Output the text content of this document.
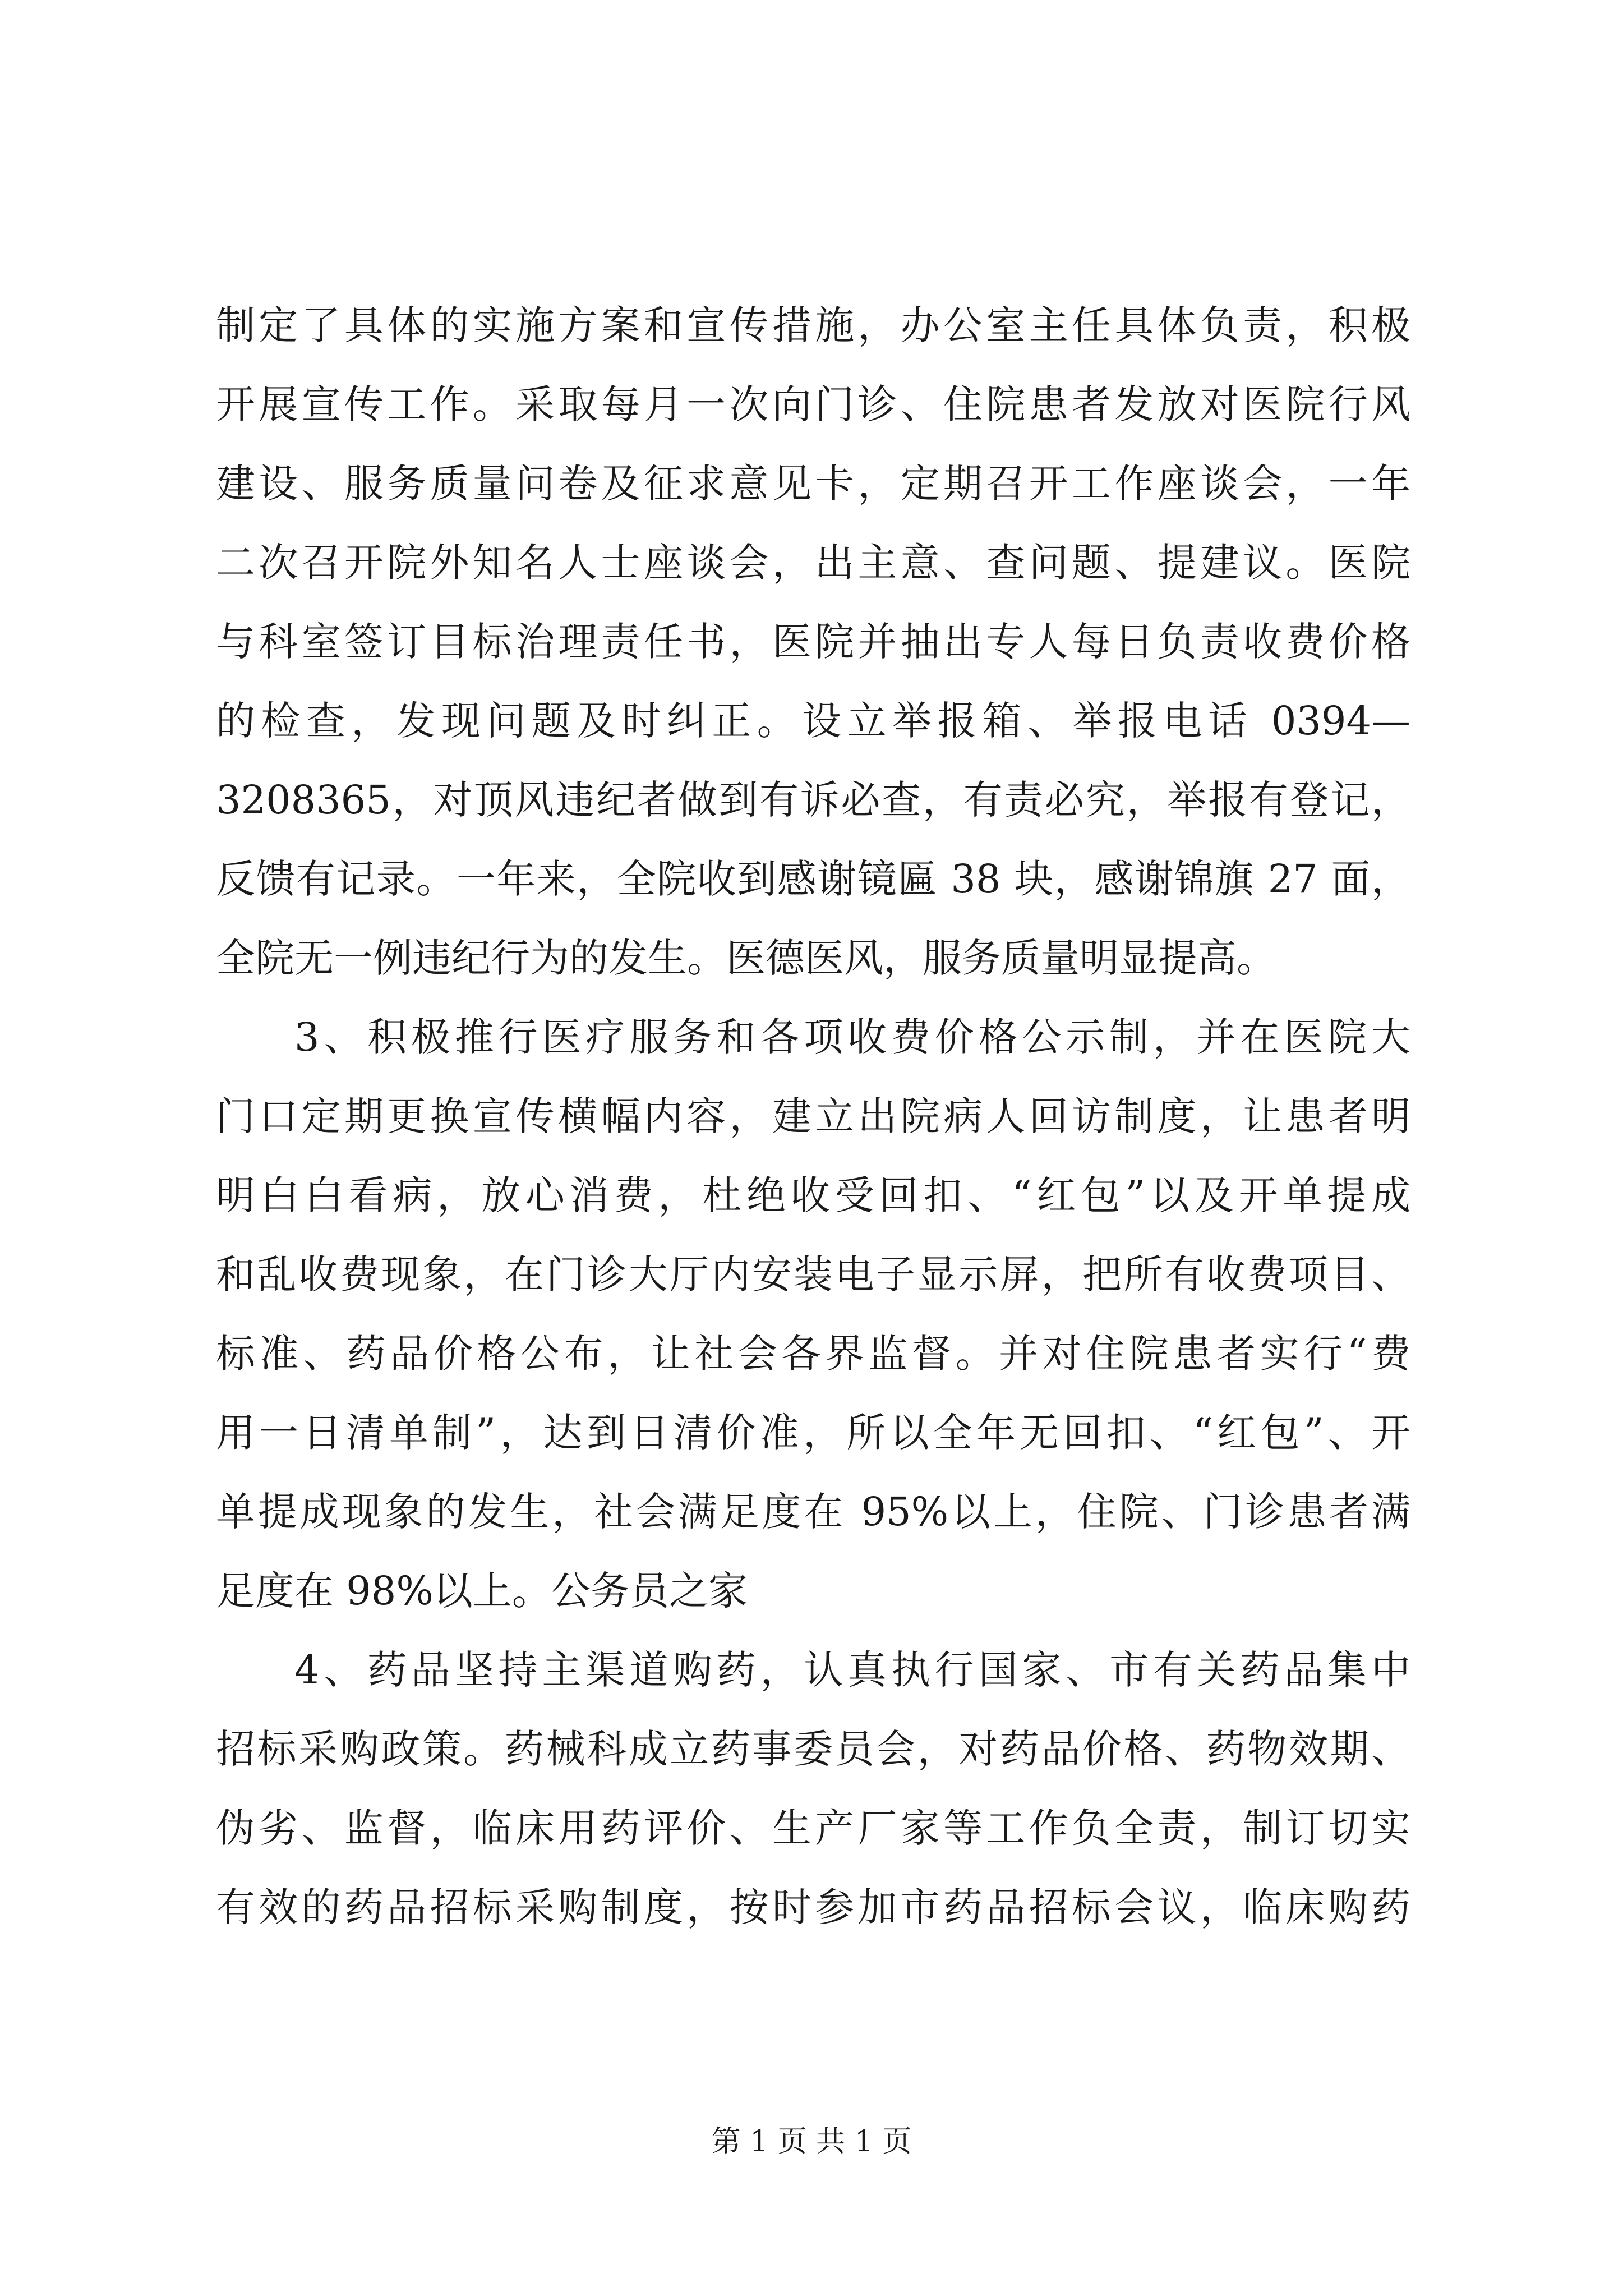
制定了具体的实施方案和宣传措施，办公室主任具体负责，积极
开展宣传工作。采取每月一次向门诊、住院患者发放对医院行风
建设、服务质量问卷及征求意见卡，定期召开工作座谈会，一年
二次召开院外知名人士座谈会，出主意、查问题、提建议。医院
与科室签订目标治理责任书，医院并抽出专人每日负责收费价格
的检查，发现问题及时纠正。设立举报箱、举报电话 0394—
3208365，对顶风违纪者做到有诉必查，有责必究，举报有登记，
反馈有记录。一年来，全院收到感谢镜匾 38 块，感谢锦旗 27 面，
全院无一例违纪行为的发生。医德医风，服务质量明显提高。
3、积极推行医疗服务和各项收费价格公示制，并在医院大
门口定期更换宣传横幅内容，建立出院病人回访制度，让患者明
明白白看病，放心消费，杜绝收受回扣、“红包”以及开单提成
和乱收费现象，在门诊大厅内安装电子显示屏，把所有收费项目、
标准、药品价格公布，让社会各界监督。并对住院患者实行“费
用一日清单制”，达到日清价准，所以全年无回扣、“红包”、开
单提成现象的发生，社会满足度在 95%以上，住院、门诊患者满
足度在 98%以上。公务员之家
4、药品坚持主渠道购药，认真执行国家、市有关药品集中
招标采购政策。药械科成立药事委员会，对药品价格、药物效期、
伪劣、监督，临床用药评价、生产厂家等工作负全责，制订切实
有效的药品招标采购制度，按时参加市药品招标会议，临床购药
第 1 页 共 1 页
